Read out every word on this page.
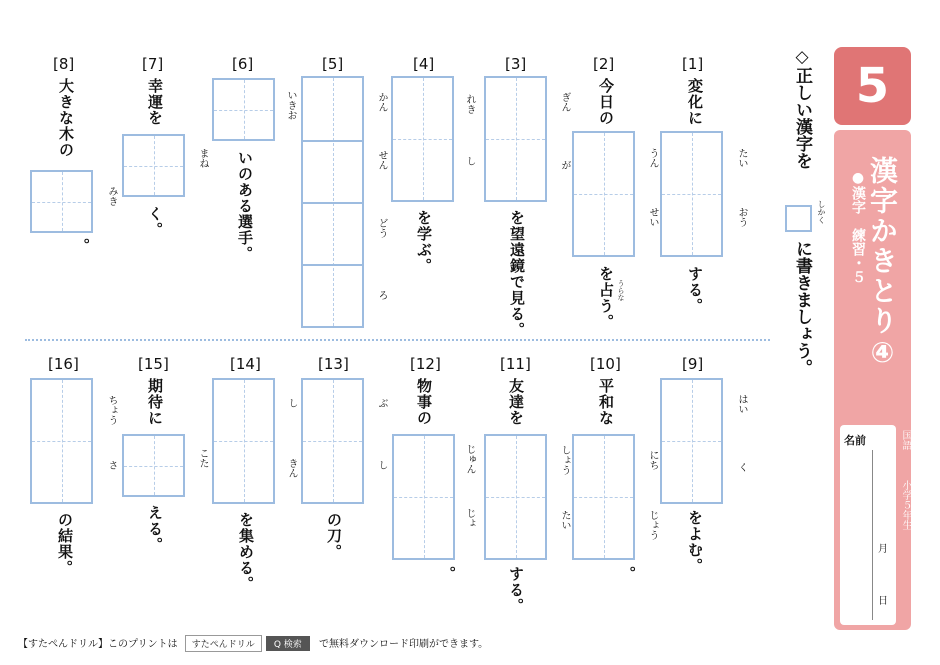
5
●漢字　練習・５ 漢字かきとり④
国語
小学５年生
名前
月
日
◇正しい漢字を
しかく
に書きましょう。
[1]
変化に
たい
おう
する。
[2]
今日の
うん
せい
を占う。 うらな
[3]
ぎん
が
を望遠鏡で見る。
[4]
れき
し
を学ぶ。
[5]
かん
せん
どう
ろ
[6]
いきお
いのある選手。
[7]
幸運を
まね
く。
[8]
大きな木の
みき
。
[9]
はい
く
をよむ。
[10]
平和な
にち
じょう
。
[11]
友達を
しょう
たい
する。
[12]
物事の
じゅん
じょ
。
[13]
ぶ
し
の刀。
[14]
し
きん
を集める。
[15]
期待に
こた
える。
[16]
ちょう
さ
の結果。
【すたぺんドリル】このプリントは すたぺんドリル Q 検索 で無料ダウンロード印刷ができます。
